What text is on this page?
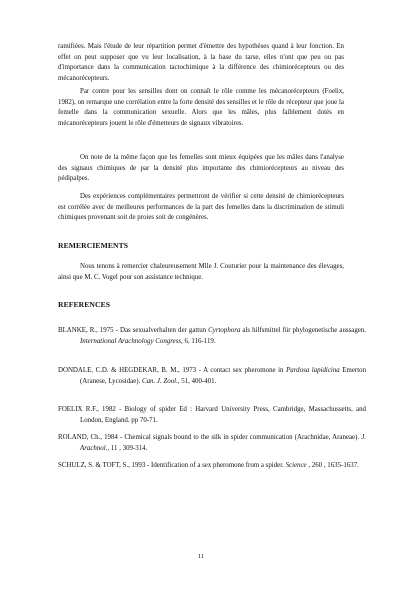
ramifiées. Mais l'étude de leur répartition permet d'émettre des hypothèses quand à leur fonction. En effet on peut supposer que vu leur localisation, à la base du tarse, elles n'ont que peu ou pas d'importance dans la communication tactochimique à la différence des chimiorécepteurs ou des mécanorécepteurs.

Par contre pour les sensilles dont on connaît le rôle comme les mécanorécepteurs (Foelix, 1982), on remarque une corrélation entre la forte densité des sensilles et le rôle de récepteur que joue la femelle dans la communication sexuelle. Alors que les mâles, plus faiblement dotés en mécanorécepteurs jouent le rôle d'émetteurs de signaux vibratoires.

On note de la même façon que les femelles sont mieux équipées que les mâles dans l'analyse des signaux chimiques de par la densité plus importante des chimiorécepteurs au niveau des pédipalpes.

Des expériences complémentaires permettront de vérifier si cette densité de chimiorécepteurs est corrélée avec de meilleures performances de la part des femelles dans la discrimination de stimuli chimiques provenant soit de proies soit de congénères.

REMERCIEMENTS

Nous tenons à remercier chaleureusement Mlle J. Couturier pour la maintenance des élevages, ainsi que M. C. Vogel pour son assistance technique.

REFERENCES

BLANKE, R., 1975 - Das sexualverhalten der gattun Cyrtophora als hilfsmittel für phylogenetische aussagen. International Arachnology Congress, 6, 116-119.

DONDALE, C.D. & HEGDEKAR, B. M., 1973 - A contact sex pheromone in Pardosa lapidicina Emerton (Aranese, Lycosidae). Can. J. Zool., 51, 400-401.

FOELIX R.F., 1982 - Biology of spider Ed : Harvard University Press, Cambridge, Massachussetts, and London, England. pp 70-71.

ROLAND, Ch., 1984 - Chemical signals bound to the silk in spider communication (Arachnidae, Araneae). J. Arachnol., 11 , 309-314.

SCHULZ, S. & TOFT, S., 1993 - Identification of a sex pheromone from a spider. Science , 260 , 1635-1637.

11
